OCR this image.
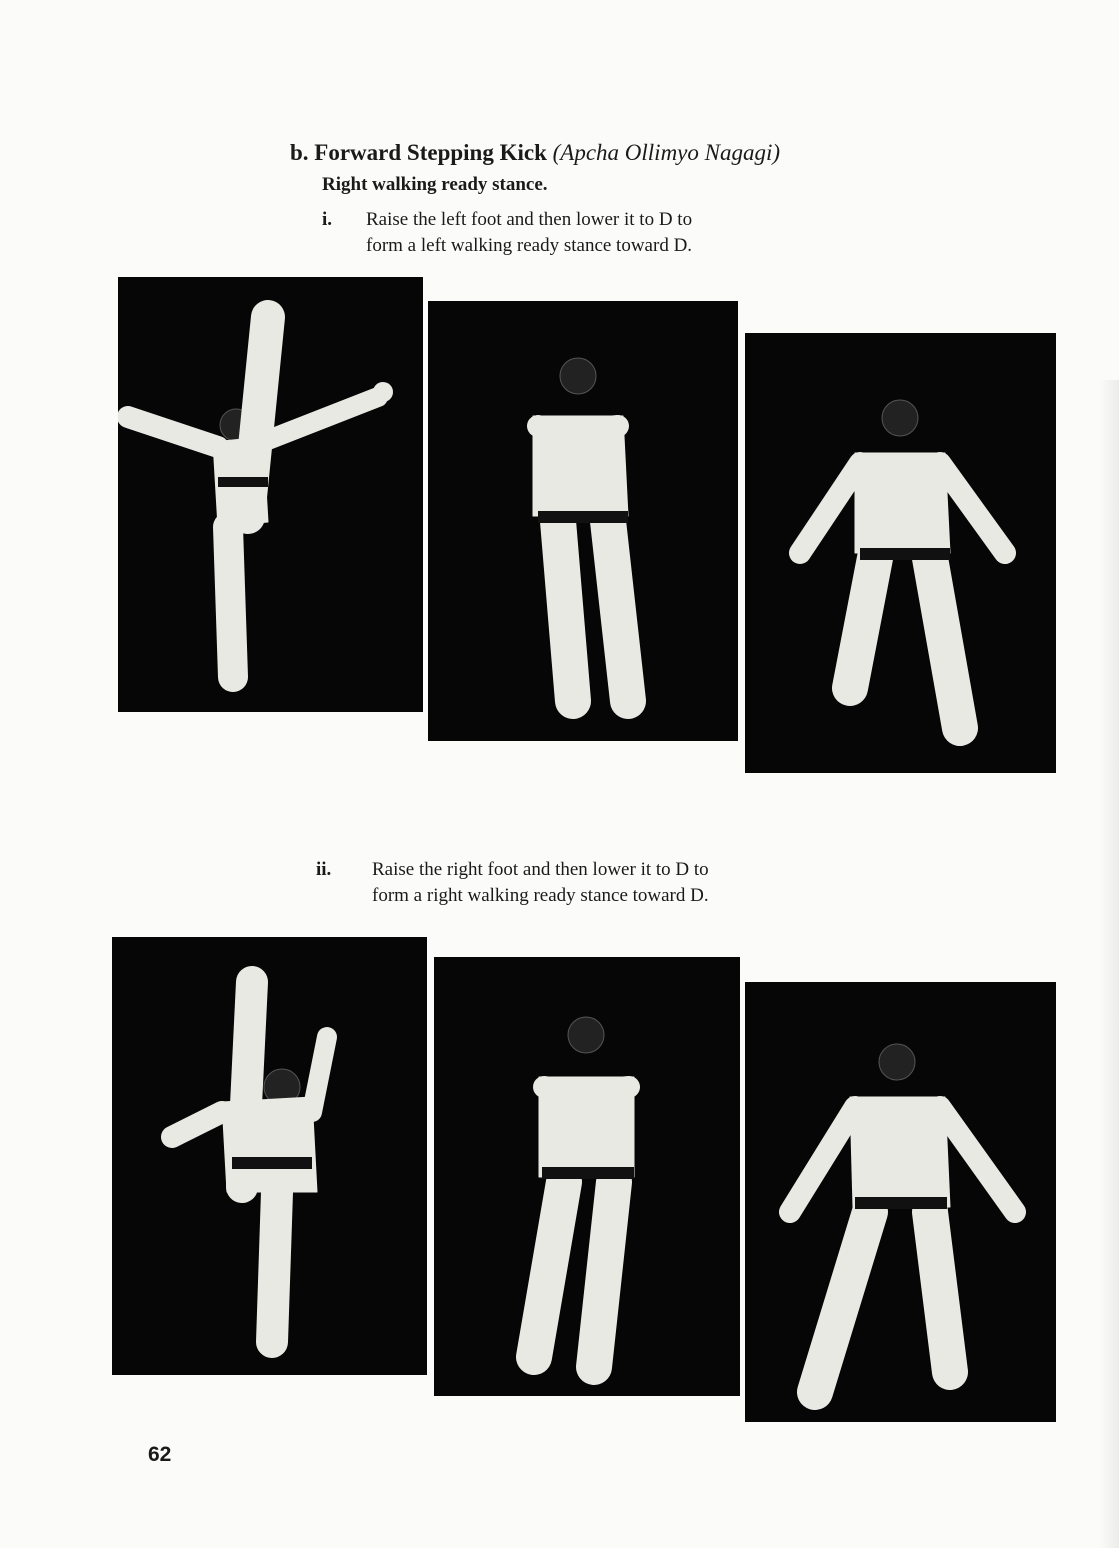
b. Forward Stepping Kick (Apcha Ollimyo Nagagi)
Right walking ready stance.
i. Raise the left foot and then lower it to D to
form a left walking ready stance toward D.
ii. Raise the right foot and then lower it to D to
form a right walking ready stance toward D.
62
